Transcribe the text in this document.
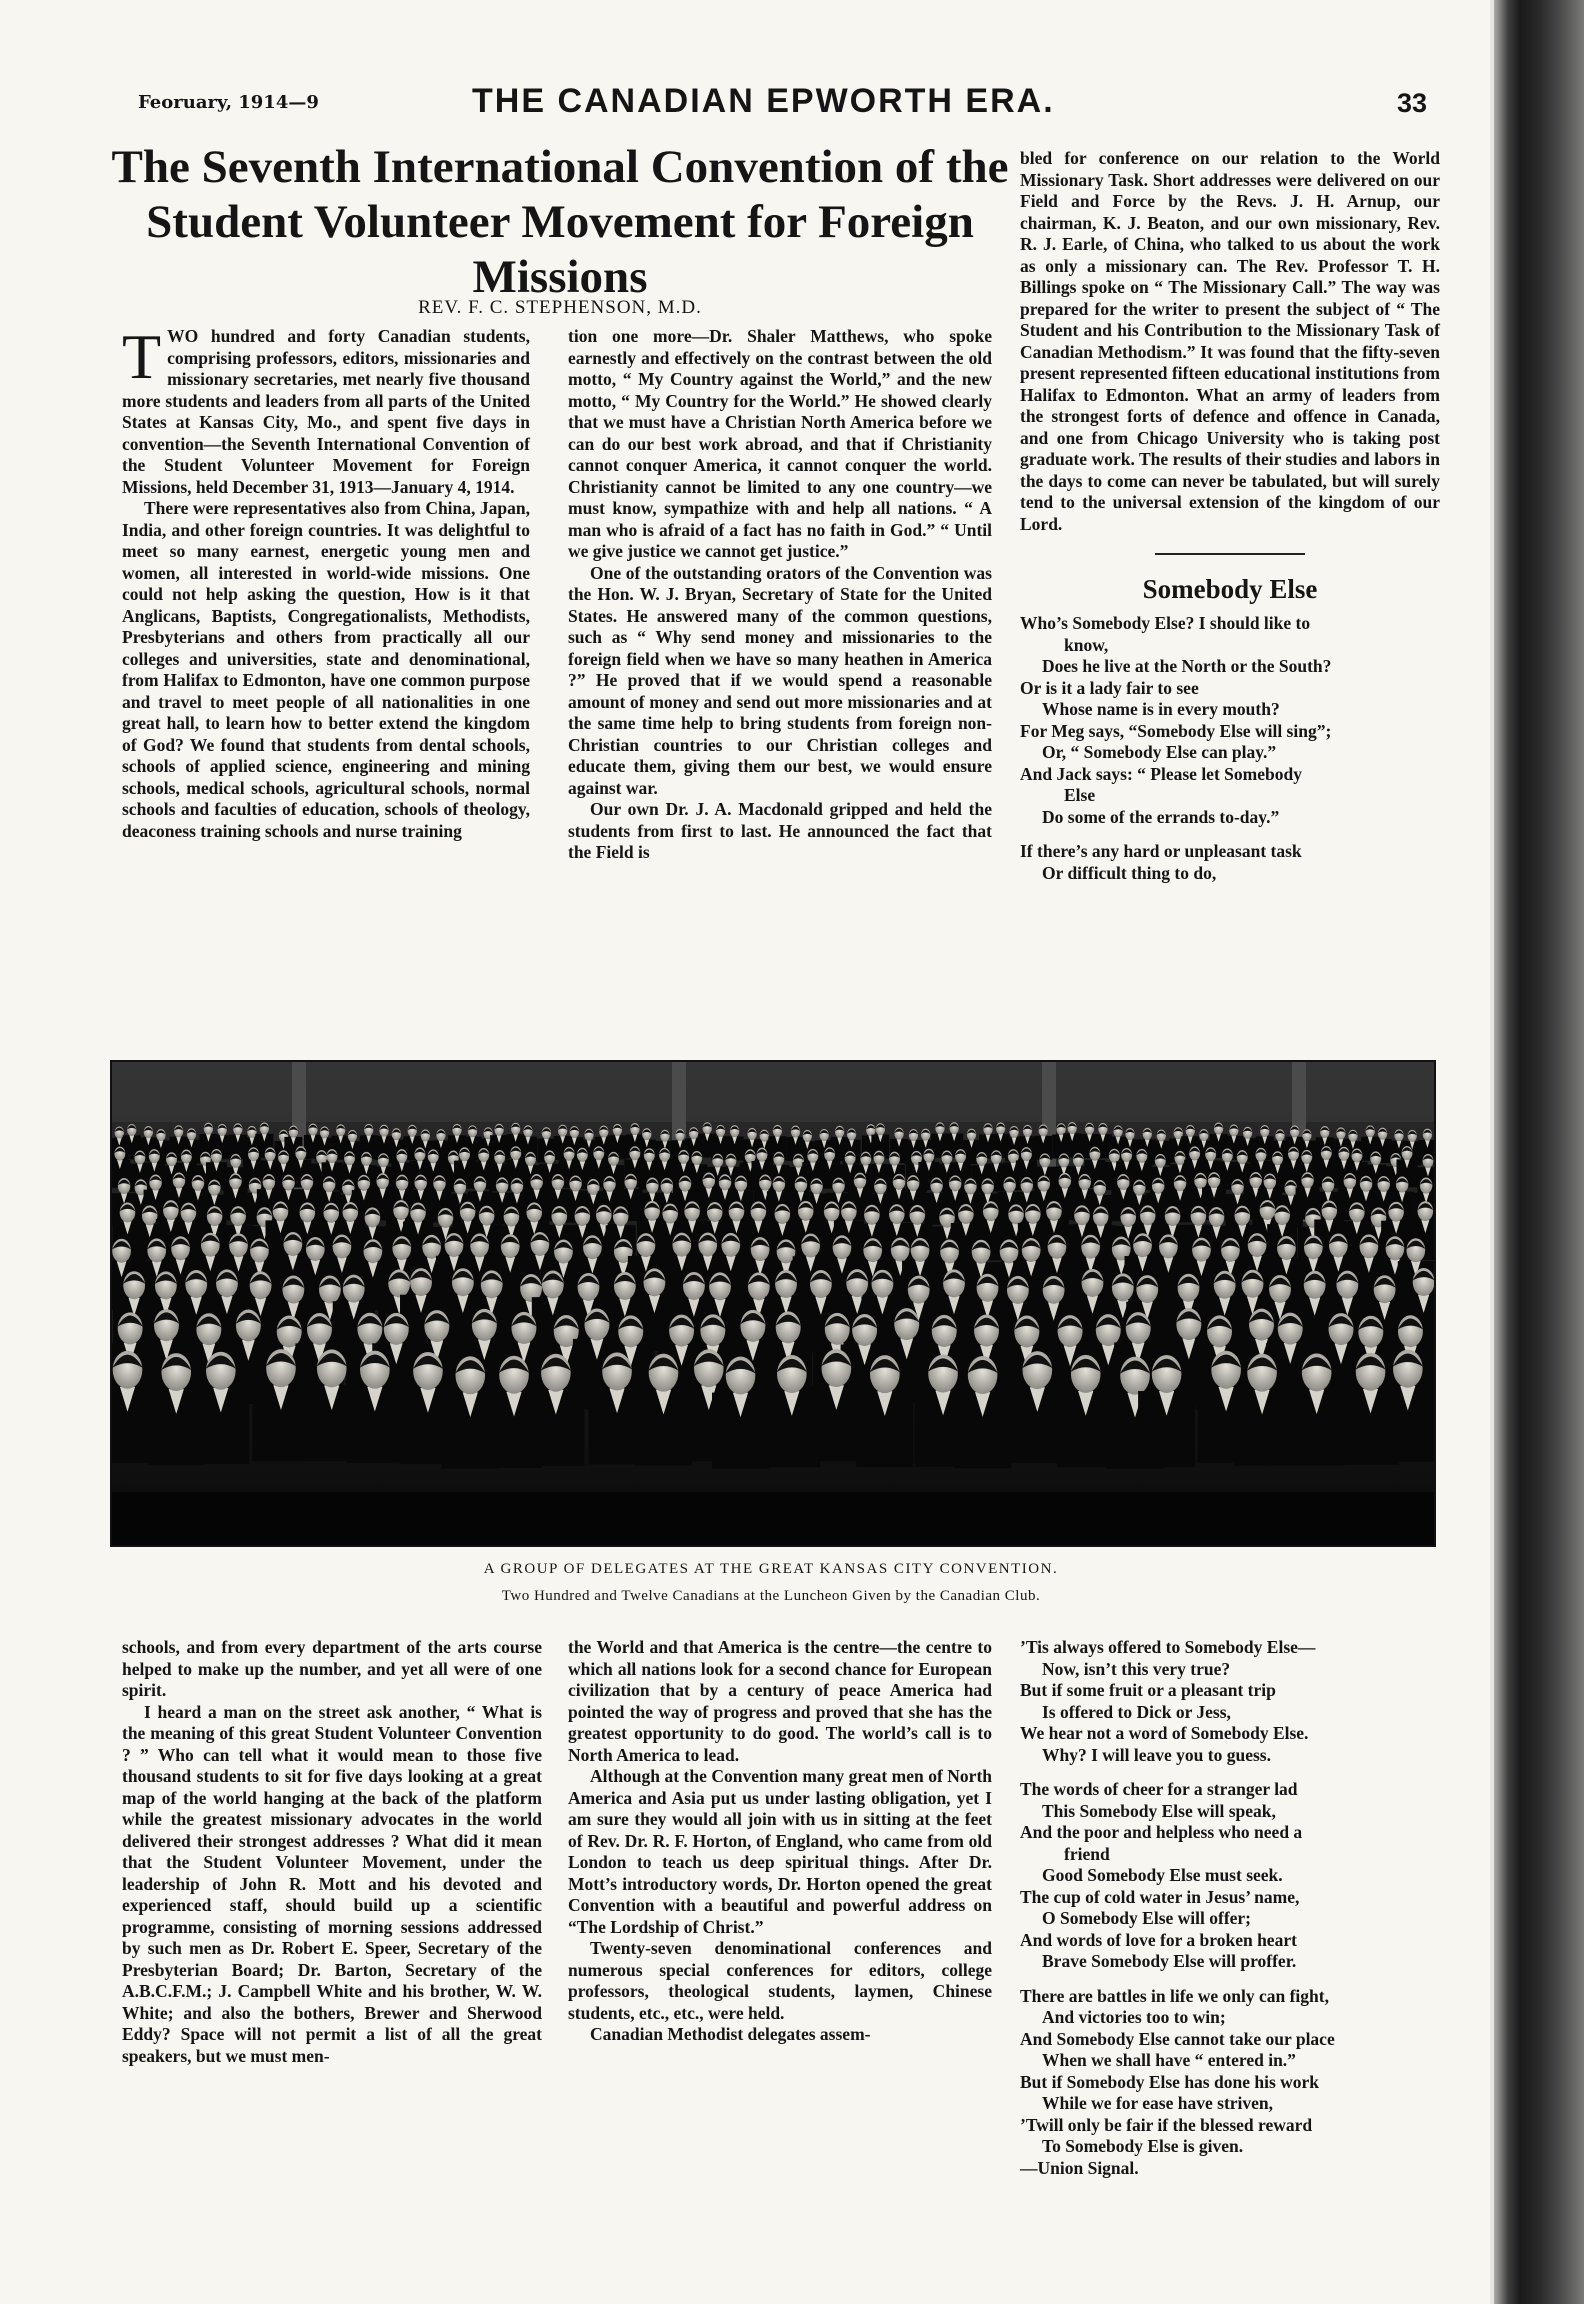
Feoruary, 1914—9	THE CANADIAN EPWORTH ERA.	33
The Seventh International Convention of the Student Volunteer Movement for Foreign Missions
REV. F. C. STEPHENSON, M.D.

TWO hundred and forty Canadian students, comprising professors, editors, missionaries and missionary secretaries, met nearly five thousand more students and leaders from all parts of the United States at Kansas City, Mo., and spent five days in convention—the Seventh International Convention of the Student Volunteer Movement for Foreign Missions, held December 31, 1913—January 4, 1914.

There were representatives also from China, Japan, India, and other foreign countries. It was delightful to meet so many earnest, energetic young men and women, all interested in world-wide missions. One could not help asking the question, How is it that Anglicans, Baptists, Congregationalists, Methodists, Presbyterians and others from practically all our colleges and universities, state and denominational, from Halifax to Edmonton, have one common purpose and travel to meet people of all nationalities in one great hall, to learn how to better extend the kingdom of God? We found that students from dental schools, schools of applied science, engineering and mining schools, medical schools, agricultural schools, normal schools and faculties of education, schools of theology, deaconess training schools and nurse training

tion one more—Dr. Shaler Matthews, who spoke earnestly and effectively on the contrast between the old motto, “ My Country against the World,” and the new motto, “ My Country for the World.” He showed clearly that we must have a Christian North America before we can do our best work abroad, and that if Christianity cannot conquer America, it cannot conquer the world. Christianity cannot be limited to any one country—we must know, sympathize with and help all nations. “ A man who is afraid of a fact has no faith in God.” “ Until we give justice we cannot get justice.”

One of the outstanding orators of the Convention was the Hon. W. J. Bryan, Secretary of State for the United States. He answered many of the common questions, such as “ Why send money and missionaries to the foreign field when we have so many heathen in America ?” He proved that if we would spend a reasonable amount of money and send out more missionaries and at the same time help to bring students from foreign non-Christian countries to our Christian colleges and educate them, giving them our best, we would ensure against war.

Our own Dr. J. A. Macdonald gripped and held the students from first to last. He announced the fact that the Field is

bled for conference on our relation to the World Missionary Task. Short addresses were delivered on our Field and Force by the Revs. J. H. Arnup, our chairman, K. J. Beaton, and our own missionary, Rev. R. J. Earle, of China, who talked to us about the work as only a missionary can. The Rev. Professor T. H. Billings spoke on “ The Missionary Call.” The way was prepared for the writer to present the subject of “ The Student and his Contribution to the Missionary Task of Canadian Methodism.” It was found that the fifty-seven present represented fifteen educational institutions from Halifax to Edmonton. What an army of leaders from the strongest forts of defence and offence in Canada, and one from Chicago University who is taking post graduate work. The results of their studies and labors in the days to come can never be tabulated, but will surely tend to the universal extension of the kingdom of our Lord.

Somebody Else
Who’s Somebody Else? I should like to
know,
Does he live at the North or the South?
Or is it a lady fair to see
Whose name is in every mouth?
For Meg says, “Somebody Else will sing”;
Or, “ Somebody Else can play.”
And Jack says: “ Please let Somebody
Else
Do some of the errands to-day.”
If there’s any hard or unpleasant task
Or difficult thing to do,
A GROUP OF DELEGATES AT THE GREAT KANSAS CITY CONVENTION.
Two Hundred and Twelve Canadians at the Luncheon Given by the Canadian Club.

schools, and from every department of the arts course helped to make up the number, and yet all were of one spirit.

I heard a man on the street ask another, “ What is the meaning of this great Student Volunteer Convention ? ” Who can tell what it would mean to those five thousand students to sit for five days looking at a great map of the world hanging at the back of the platform while the greatest missionary advocates in the world delivered their strongest addresses ? What did it mean that the Student Volunteer Movement, under the leadership of John R. Mott and his devoted and experienced staff, should build up a scientific programme, consisting of morning sessions addressed by such men as Dr. Robert E. Speer, Secretary of the Presbyterian Board; Dr. Barton, Secretary of the A.B.C.F.M.; J. Campbell White and his brother, W. W. White; and also the bothers, Brewer and Sherwood Eddy? Space will not permit a list of all the great speakers, but we must men-

the World and that America is the centre—the centre to which all nations look for a second chance for European civilization that by a century of peace America had pointed the way of progress and proved that she has the greatest opportunity to do good. The world’s call is to North America to lead.

Although at the Convention many great men of North America and Asia put us under lasting obligation, yet I am sure they would all join with us in sitting at the feet of Rev. Dr. R. F. Horton, of England, who came from old London to teach us deep spiritual things. After Dr. Mott’s introductory words, Dr. Horton opened the great Convention with a beautiful and powerful address on “The Lordship of Christ.”

Twenty-seven denominational conferences and numerous special conferences for editors, college professors, theological students, laymen, Chinese students, etc., etc., were held.

Canadian Methodist delegates assem-

’Tis always offered to Somebody Else—
Now, isn’t this very true?
But if some fruit or a pleasant trip
Is offered to Dick or Jess,
We hear not a word of Somebody Else.
Why? I will leave you to guess.
The words of cheer for a stranger lad
This Somebody Else will speak,
And the poor and helpless who need a
friend
Good Somebody Else must seek.
The cup of cold water in Jesus’ name,
O Somebody Else will offer;
And words of love for a broken heart
Brave Somebody Else will proffer.
There are battles in life we only can fight,
And victories too to win;
And Somebody Else cannot take our place
When we shall have “ entered in.”
But if Somebody Else has done his work
While we for ease have striven,
’Twill only be fair if the blessed reward
To Somebody Else is given.
—Union Signal.
